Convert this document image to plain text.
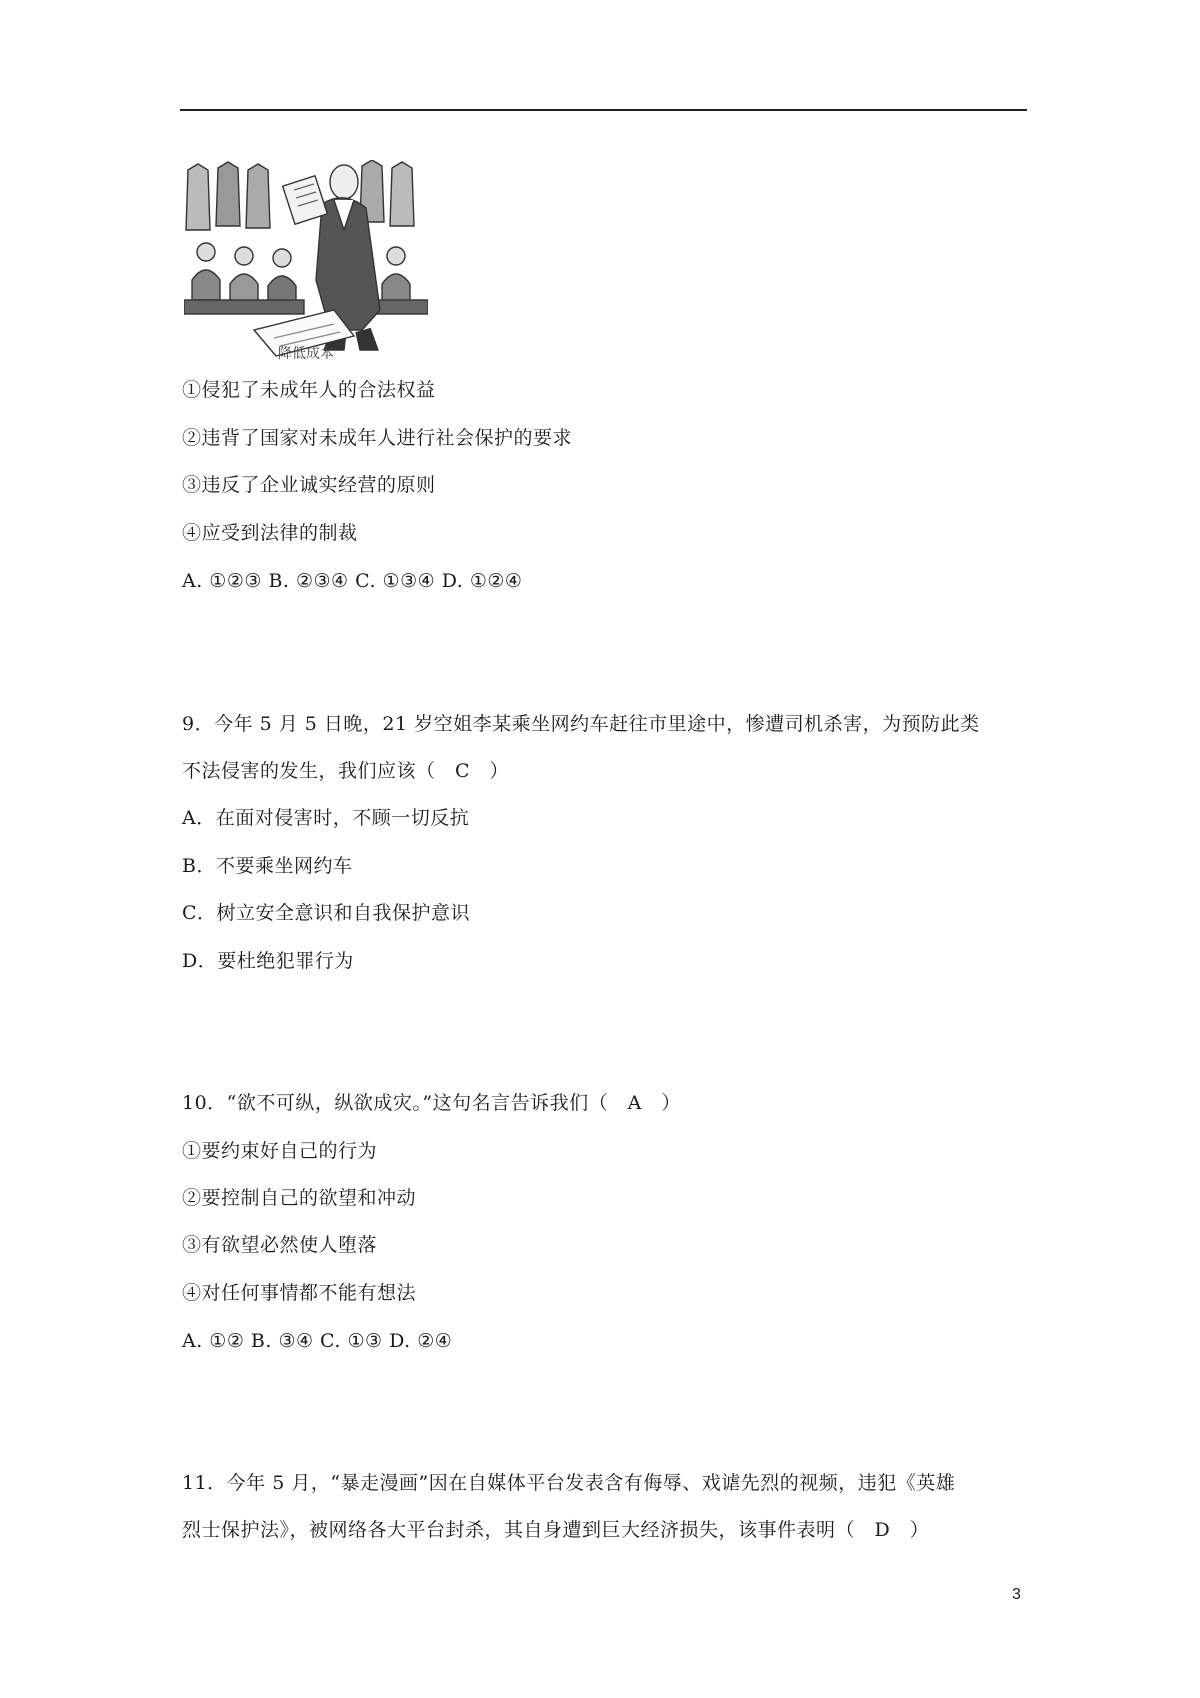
降低成本
①侵犯了未成年人的合法权益
②违背了国家对未成年人进行社会保护的要求
③违反了企业诚实经营的原则
④应受到法律的制裁
A. ①②③ B. ②③④ C. ①③④ D. ①②④
9．今年 5 月 5 日晚，21 岁空姐李某乘坐网约车赶往市里途中，惨遭司机杀害，为预防此类
不法侵害的发生，我们应该（　C　）
A．在面对侵害时，不顾一切反抗
B．不要乘坐网约车
C．树立安全意识和自我保护意识
D．要杜绝犯罪行为
10．“欲不可纵，纵欲成灾。”这句名言告诉我们（　A　）
①要约束好自己的行为
②要控制自己的欲望和冲动
③有欲望必然使人堕落
④对任何事情都不能有想法
A. ①② B. ③④ C. ①③ D. ②④
11．今年 5 月，“暴走漫画”因在自媒体平台发表含有侮辱、戏谑先烈的视频，违犯《英雄
烈士保护法》，被网络各大平台封杀，其自身遭到巨大经济损失，该事件表明（　D　）
3
